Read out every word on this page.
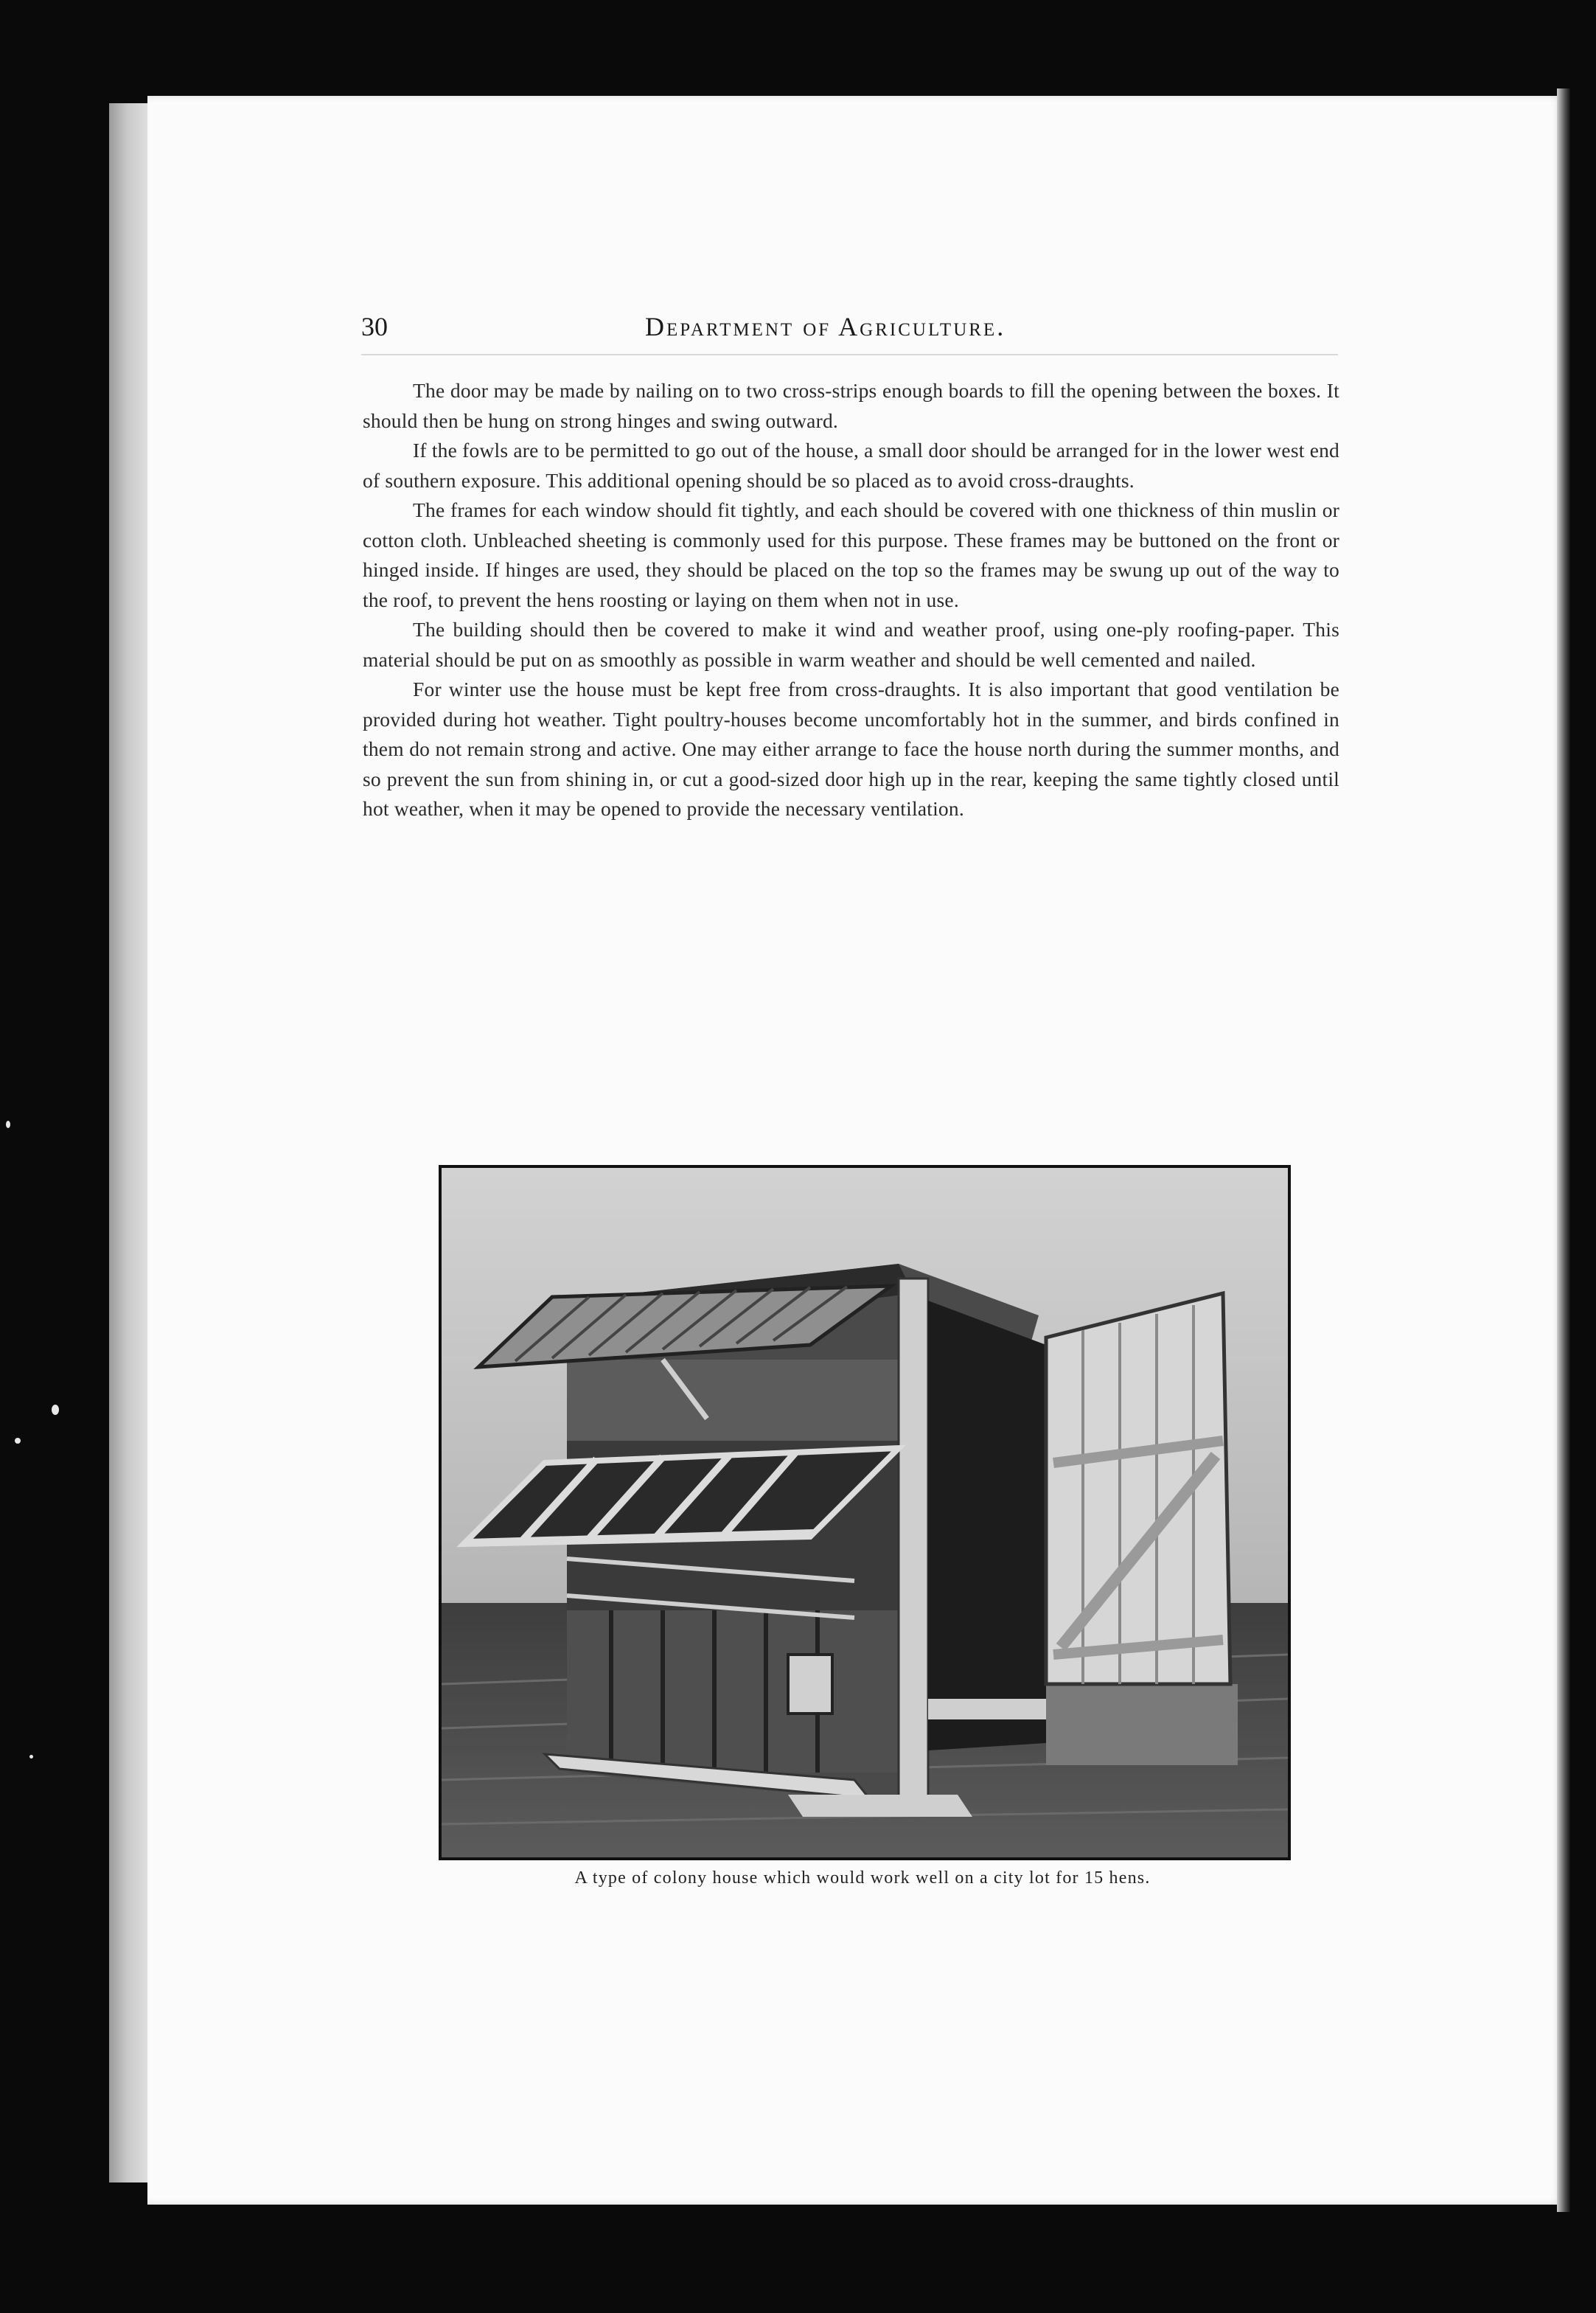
30	Department of Agriculture.

The door may be made by nailing on to two cross-strips enough boards to fill the opening between the boxes. It should then be hung on strong hinges and swing outward.

If the fowls are to be permitted to go out of the house, a small door should be arranged for in the lower west end of southern exposure. This additional opening should be so placed as to avoid cross-draughts.

The frames for each window should fit tightly, and each should be covered with one thickness of thin muslin or cotton cloth. Unbleached sheeting is commonly used for this purpose. These frames may be buttoned on the front or hinged inside. If hinges are used, they should be placed on the top so the frames may be swung up out of the way to the roof, to prevent the hens roosting or laying on them when not in use.

The building should then be covered to make it wind and weather proof, using one-ply roofing-paper. This material should be put on as smoothly as possible in warm weather and should be well cemented and nailed.

For winter use the house must be kept free from cross-draughts. It is also important that good ventilation be provided during hot weather. Tight poultry-houses become uncomfortably hot in the summer, and birds confined in them do not remain strong and active. One may either arrange to face the house north during the summer months, and so prevent the sun from shining in, or cut a good-sized door high up in the rear, keeping the same tightly closed until hot weather, when it may be opened to provide the necessary ventilation.

A type of colony house which would work well on a city lot for 15 hens.
